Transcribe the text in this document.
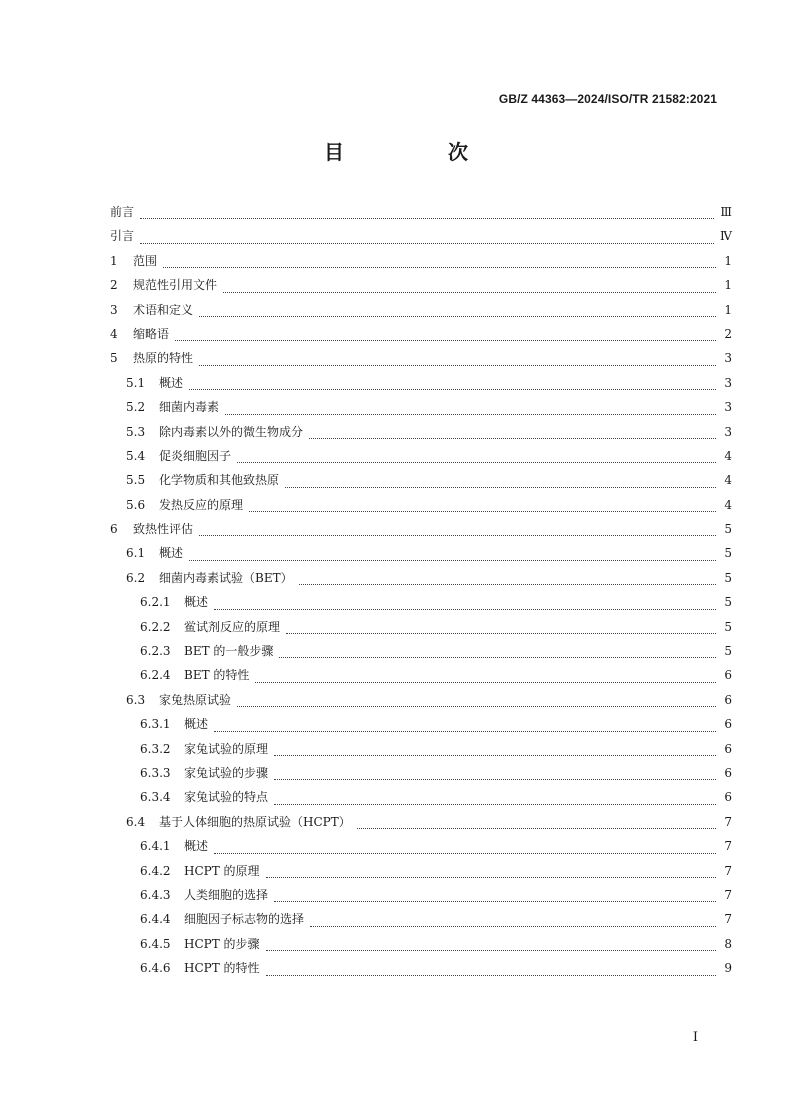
GB/Z 44363—2024/ISO/TR 21582:2021
目　次
前言	Ⅲ
引言	Ⅳ
1	范围	1
2	规范性引用文件	1
3	术语和定义	1
4	缩略语	2
5	热原的特性	3
5.1	概述	3
5.2	细菌内毒素	3
5.3	除内毒素以外的微生物成分	3
5.4	促炎细胞因子	4
5.5	化学物质和其他致热原	4
5.6	发热反应的原理	4
6	致热性评估	5
6.1	概述	5
6.2	细菌内毒素试验（BET）	5
6.2.1	概述	5
6.2.2	鲎试剂反应的原理	5
6.2.3	BET 的一般步骤	5
6.2.4	BET 的特性	6
6.3	家兔热原试验	6
6.3.1	概述	6
6.3.2	家兔试验的原理	6
6.3.3	家兔试验的步骤	6
6.3.4	家兔试验的特点	6
6.4	基于人体细胞的热原试验（HCPT）	7
6.4.1	概述	7
6.4.2	HCPT 的原理	7
6.4.3	人类细胞的选择	7
6.4.4	细胞因子标志物的选择	7
6.4.5	HCPT 的步骤	8
6.4.6	HCPT 的特性	9
I
